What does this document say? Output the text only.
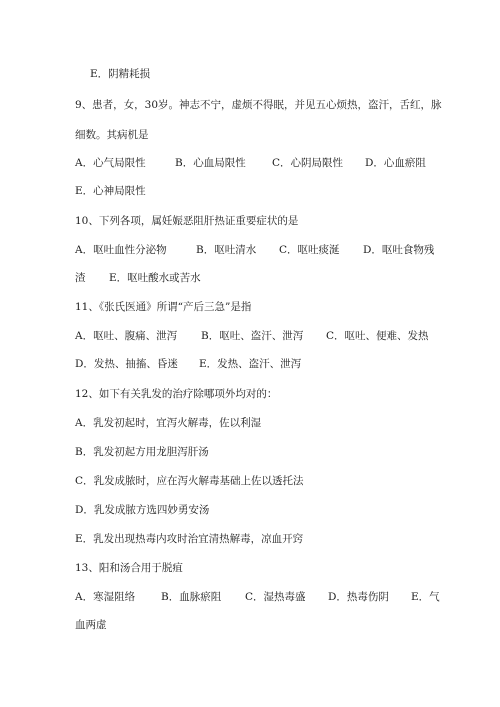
E．阴精耗损
9、患者，女，30岁。神志不宁，虚烦不得眠，并见五心烦热，盗汗，舌红，脉
细数。其病机是
A．心气局限性	B．心血局限性	C．心阴局限性 D．心血瘀阻
E．心神局限性
10、下列各项，属妊娠恶阻肝热证重要症状的是
A．呕吐血性分泌物	B．呕吐清水 C．呕吐痰涎 D．呕吐食物残
渣 E．呕吐酸水或苦水
11、《张氏医通》所谓“产后三急”是指
A．呕吐、腹痛、泄泻 B．呕吐、盗汗、泄泻 C．呕吐、便难、发热
D．发热、抽搐、昏迷 E．发热、盗汗、泄泻
12、如下有关乳发的治疗除哪项外均对的：
A．乳发初起时，宜泻火解毒，佐以利湿
B．乳发初起方用龙胆泻肝汤
C．乳发成脓时，应在泻火解毒基础上佐以透托法
D．乳发成脓方选四妙勇安汤
E．乳发出现热毒内攻时治宜清热解毒，凉血开窍
13、阳和汤合用于脱疽
A．寒湿阻络 B．血脉瘀阻 C．湿热毒盛 D．热毒伤阴 E．气
血两虚
